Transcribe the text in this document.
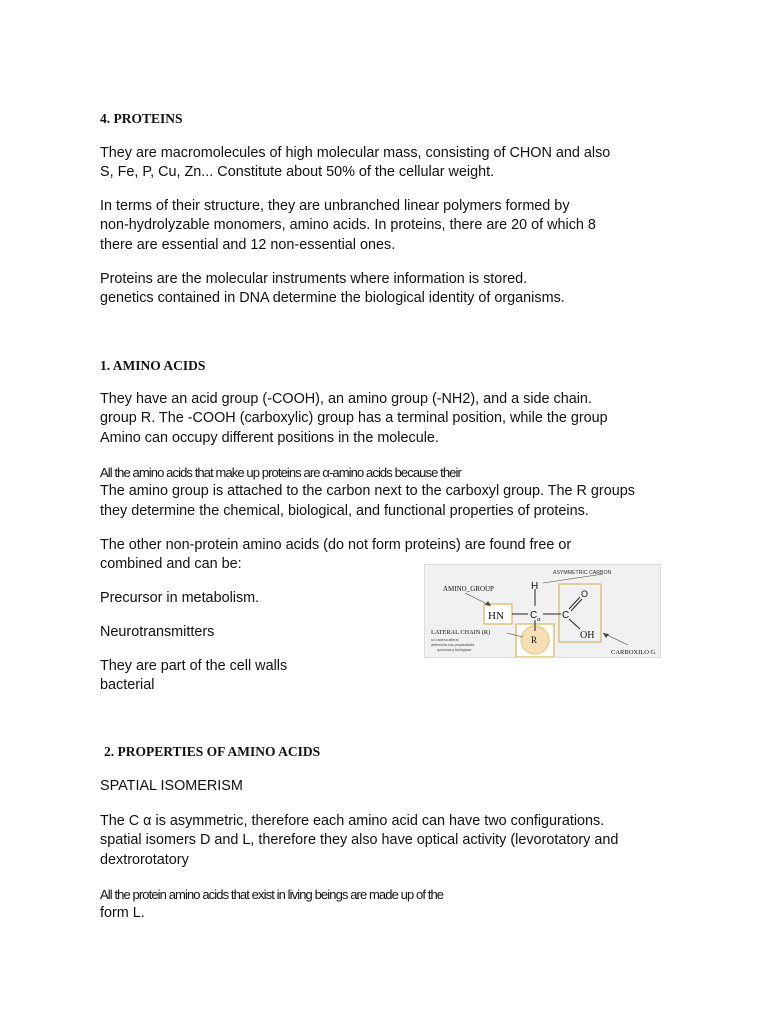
4. PROTEINS

They are macromolecules of high molecular mass, consisting of CHON and also
S, Fe, P, Cu, Zn... Constitute about 50% of the cellular weight.

In terms of their structure, they are unbranched linear polymers formed by
non-hydrolyzable monomers, amino acids. In proteins, there are 20 of which 8
there are essential and 12 non-essential ones.

Proteins are the molecular instruments where information is stored.
genetics contained in DNA determine the biological identity of organisms.

1. AMINO ACIDS

They have an acid group (-COOH), an amino group (-NH2), and a side chain.
group R. The -COOH (carboxylic) group has a terminal position, while the group
Amino can occupy different positions in the molecule.

All the amino acids that make up proteins are α-amino acids because their
The amino group is attached to the carbon next to the carboxyl group. The R groups
they determine the chemical, biological, and functional properties of proteins.

The other non-protein amino acids (do not form proteins) are found free or
combined and can be:

Precursor in metabolism.

Neurotransmitters

They are part of the cell walls
bacterial

ASYMMETRIC CARBON
AMINO_GROUP
HN
H
C α C
O
OH
R
LATERAL CHAIN (R)
su cadena lateral
determina sus propiedades
químicas y biológicas	CARBOXILO G
2. PROPERTIES OF AMINO ACIDS

SPATIAL ISOMERISM

The C α is asymmetric, therefore each amino acid can have two configurations.
spatial isomers D and L, therefore they also have optical activity (levorotatory and
dextrorotatory

All the protein amino acids that exist in living beings are made up of the
form L.
